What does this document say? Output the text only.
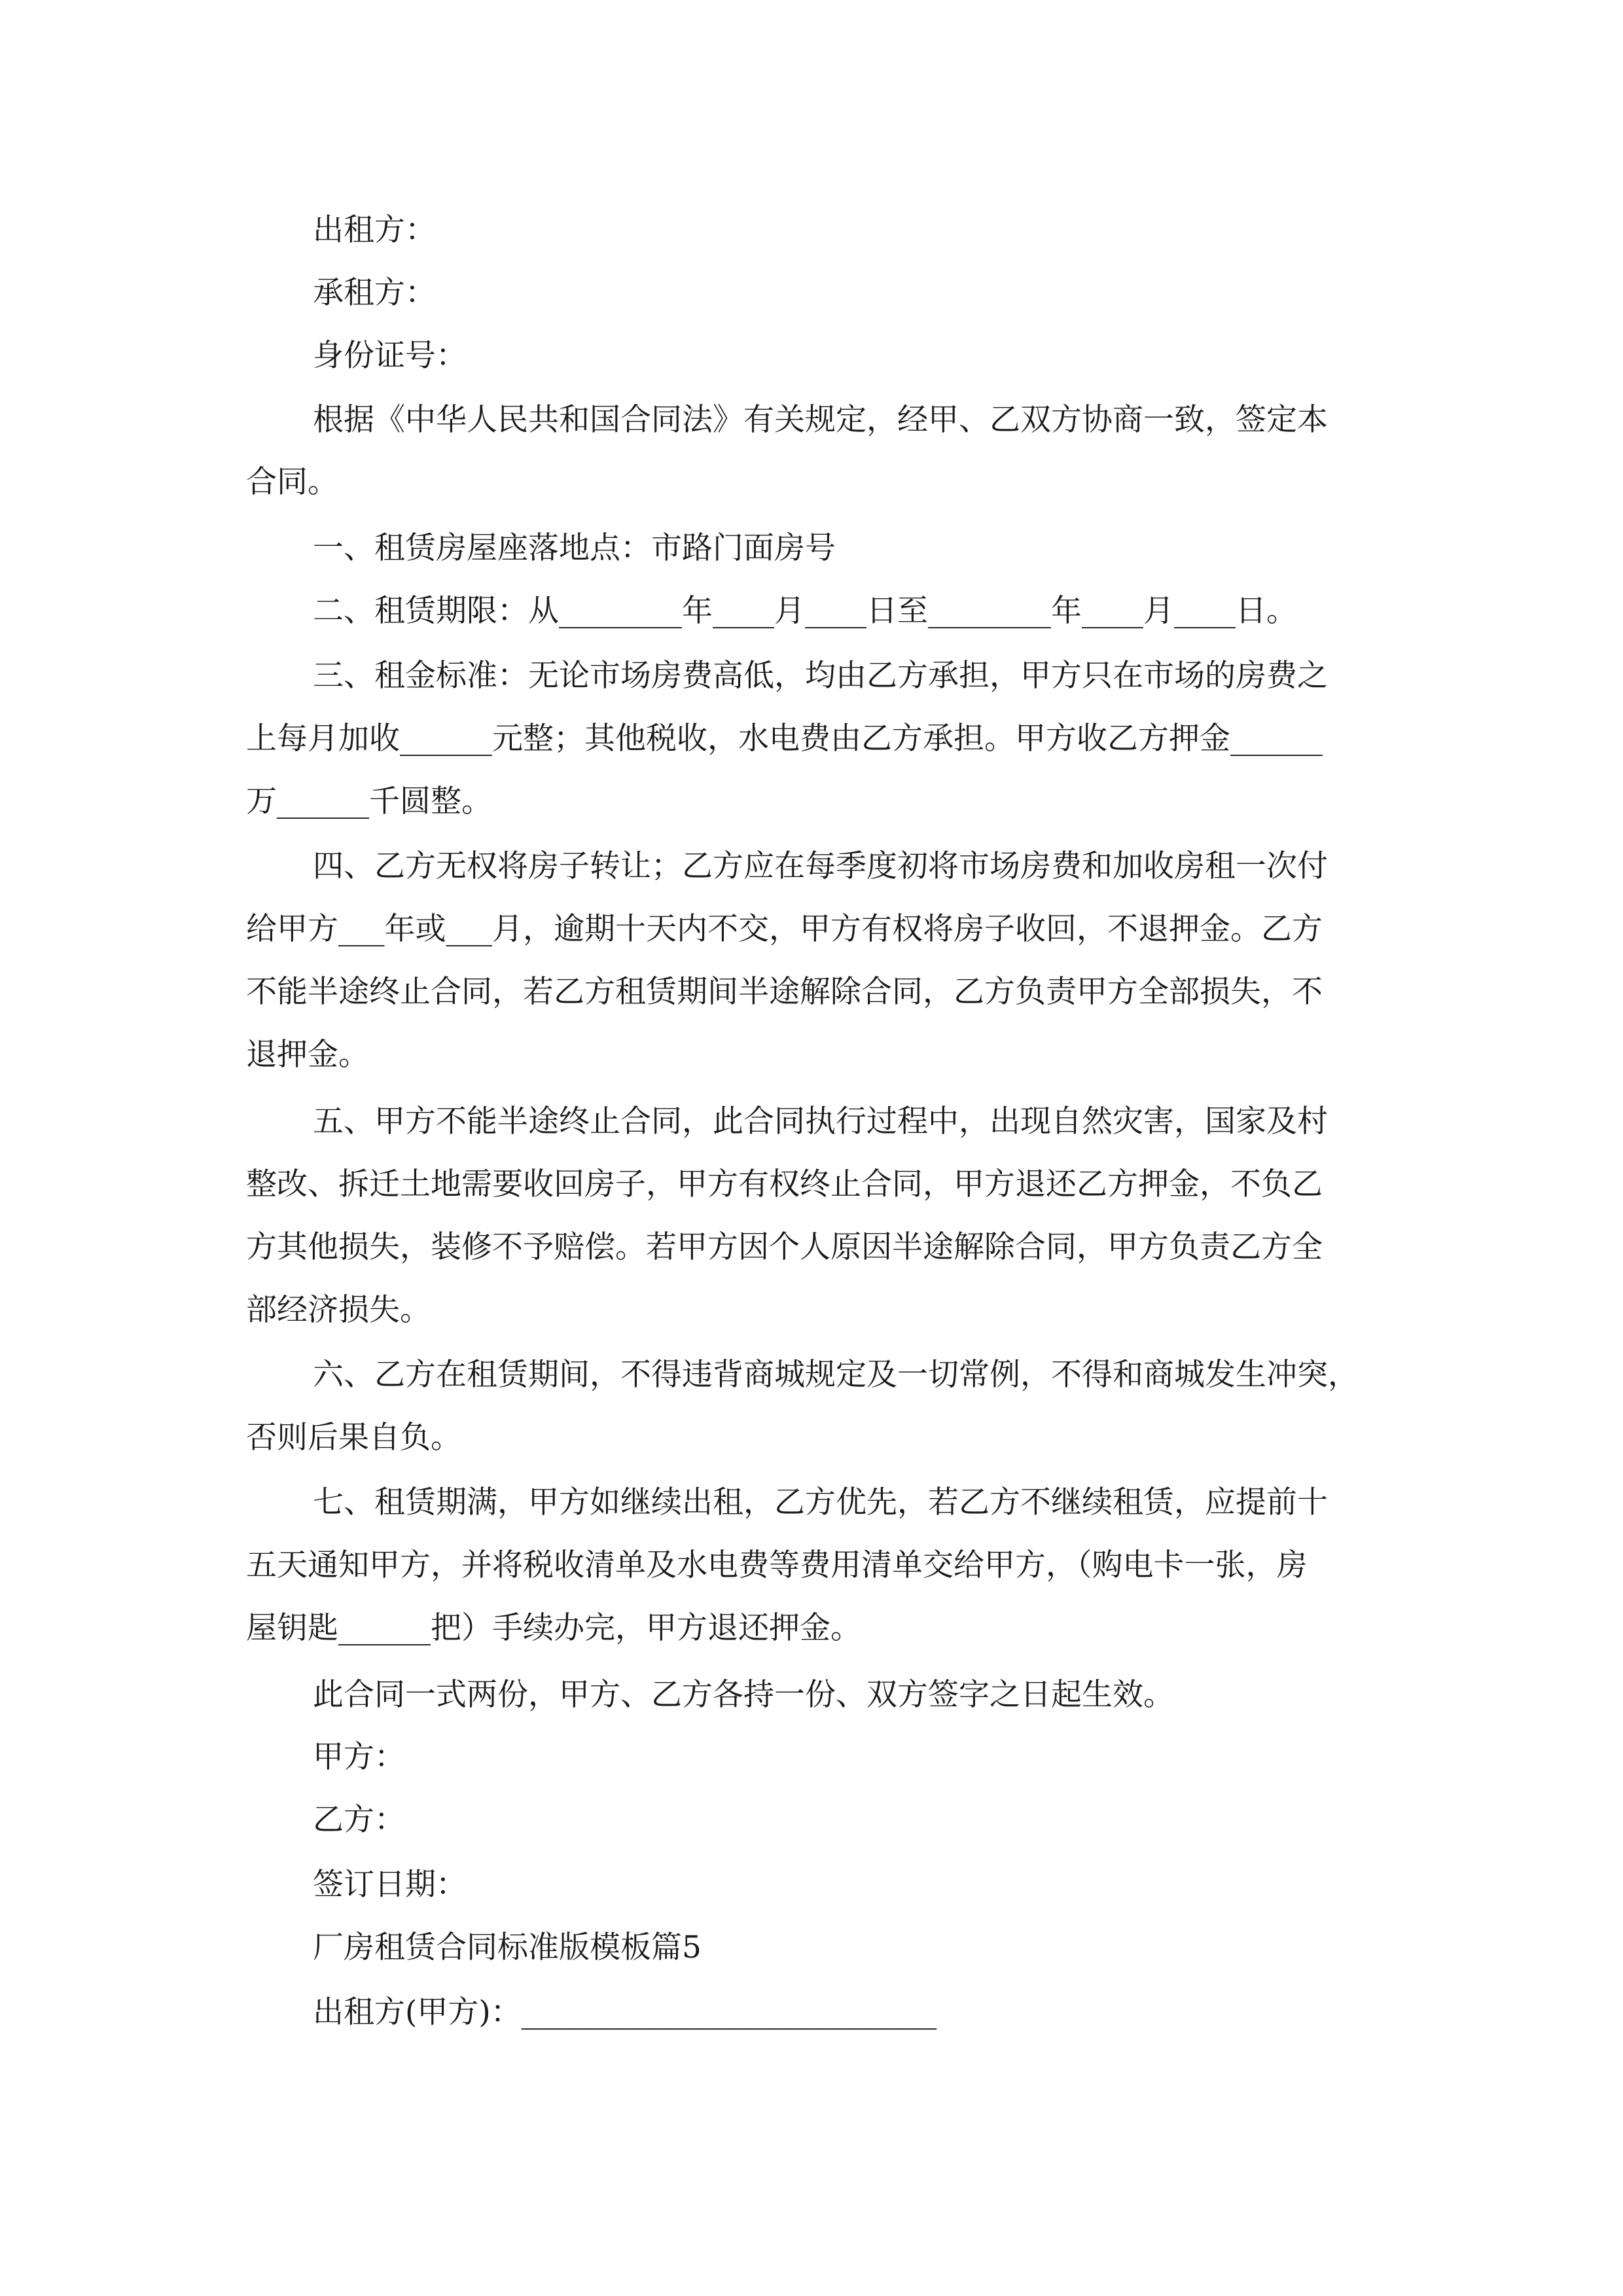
出租方：

承租方：

身份证号：

根据《中华人民共和国合同法》有关规定，经甲、乙双方协商一致，签定本

合同。

一、租赁房屋座落地点：市路门面房号

二、租赁期限：从________年____月____日至________年____月____日。

三、租金标准：无论市场房费高低，均由乙方承担，甲方只在市场的房费之

上每月加收______元整；其他税收，水电费由乙方承担。甲方收乙方押金______

万______千圆整。

四、乙方无权将房子转让；乙方应在每季度初将市场房费和加收房租一次付

给甲方___年或___月，逾期十天内不交，甲方有权将房子收回，不退押金。乙方

不能半途终止合同，若乙方租赁期间半途解除合同，乙方负责甲方全部损失，不

退押金。

五、甲方不能半途终止合同，此合同执行过程中，出现自然灾害，国家及村

整改、拆迁土地需要收回房子，甲方有权终止合同，甲方退还乙方押金，不负乙

方其他损失，装修不予赔偿。若甲方因个人原因半途解除合同，甲方负责乙方全

部经济损失。

六、乙方在租赁期间，不得违背商城规定及一切常例，不得和商城发生冲突，

否则后果自负。

七、租赁期满，甲方如继续出租，乙方优先，若乙方不继续租赁，应提前十

五天通知甲方，并将税收清单及水电费等费用清单交给甲方，（购电卡一张，房

屋钥匙______把）手续办完，甲方退还押金。

此合同一式两份，甲方、乙方各持一份、双方签字之日起生效。

甲方：

乙方：

签订日期：

厂房租赁合同标准版模板篇5

出租方(甲方)：___________________________
